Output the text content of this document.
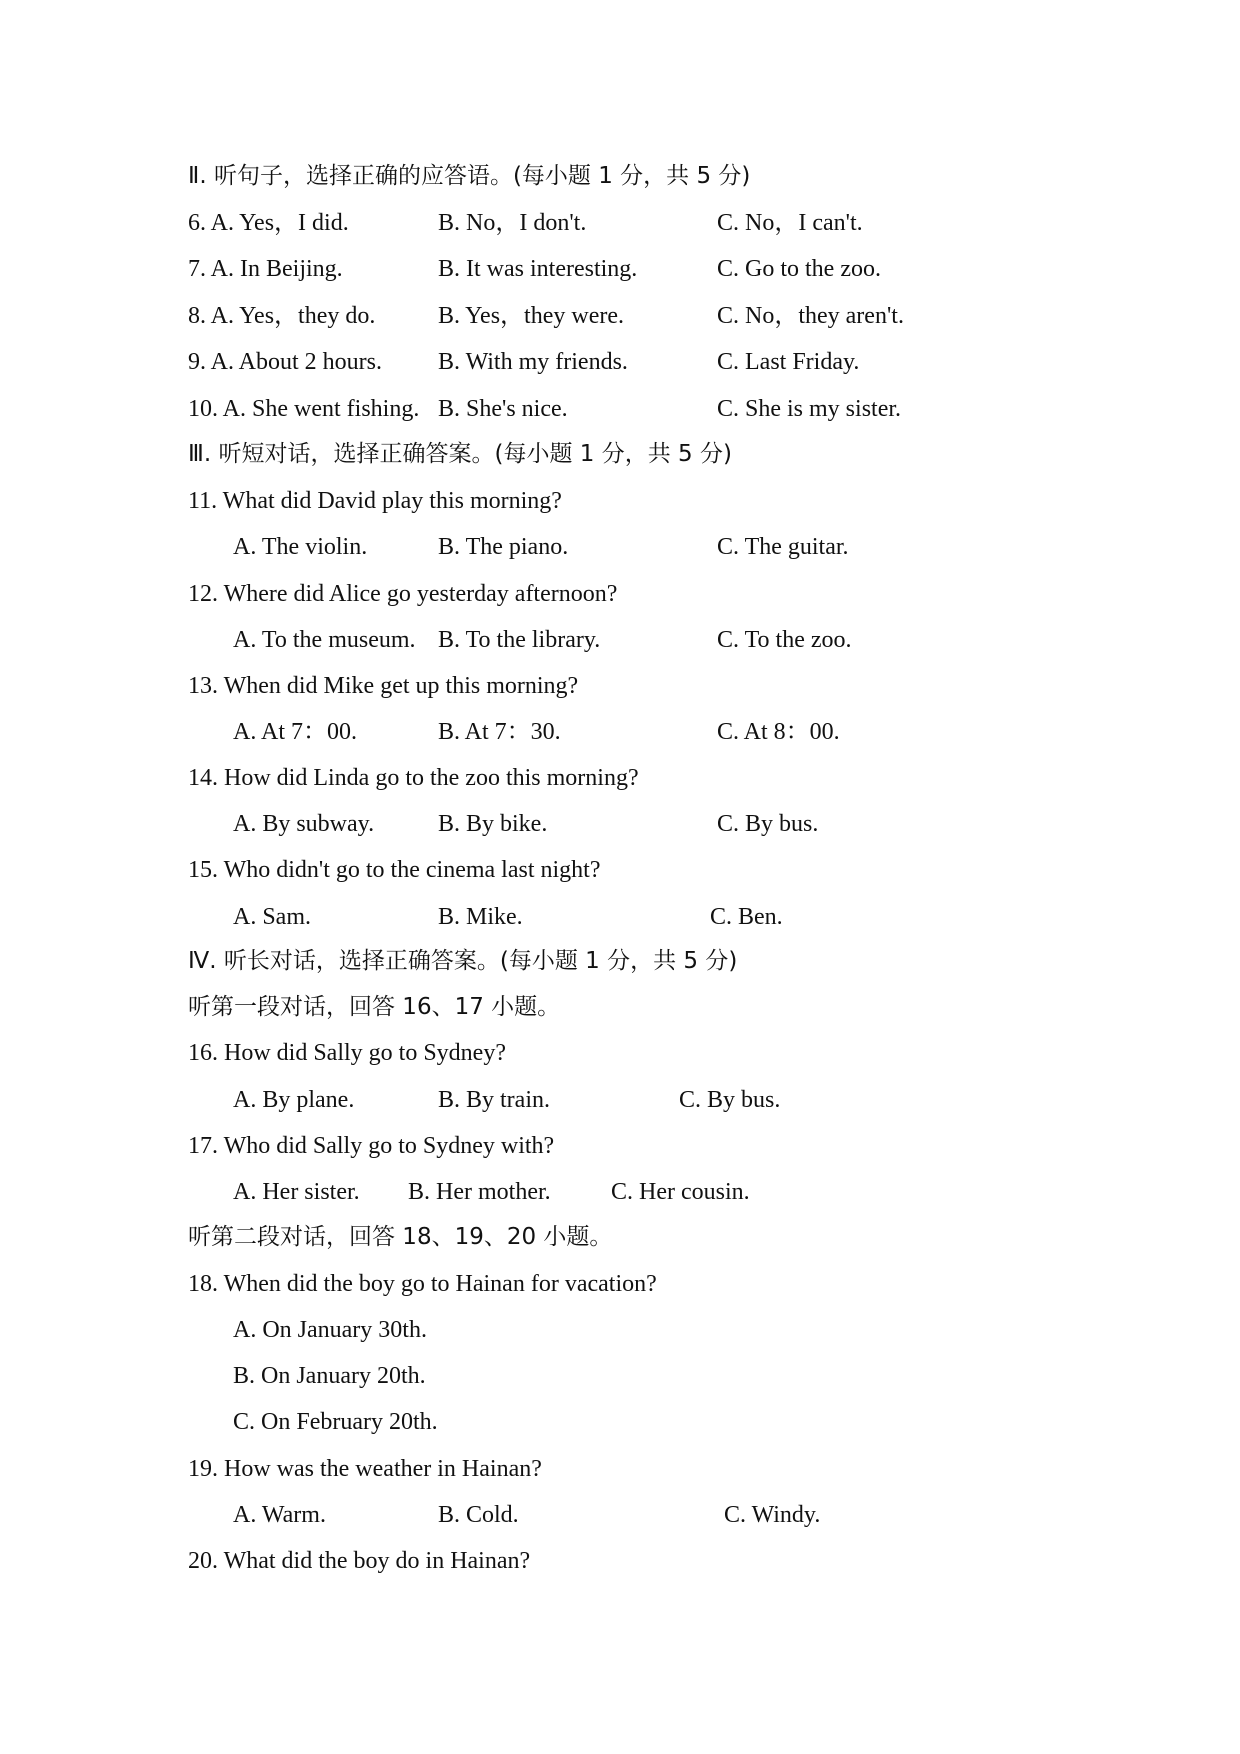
Ⅱ. 听句子，选择正确的应答语。(每小题 1 分，共 5 分)
6. A. Yes，I did.	B. No，I don't.	C. No，I can't.
7. A. In Beijing.	B. It was interesting.	C. Go to the zoo.
8. A. Yes，they do.	B. Yes，they were.	C. No，they aren't.
9. A. About 2 hours. B. With my friends.	C. Last Friday.
10. A. She went fishing. B. She's nice.	C. She is my sister.
Ⅲ. 听短对话，选择正确答案。(每小题 1 分，共 5 分)
11. What did David play this morning?
A. The violin.	B. The piano.	C. The guitar.
12. Where did Alice go yesterday afternoon?
A. To the museum. B. To the library.	C. To the zoo.
13. When did Mike get up this morning?
A. At 7：00.	B. At 7：30.	C. At 8：00.
14. How did Linda go to the zoo this morning?
A. By subway.	B. By bike.	C. By bus.
15. Who didn't go to the cinema last night?
A. Sam.	B. Mike.	C. Ben.
Ⅳ. 听长对话，选择正确答案。(每小题 1 分，共 5 分)
听第一段对话，回答 16、17 小题。
16. How did Sally go to Sydney?
A. By plane.	B. By train.	C. By bus.
17. Who did Sally go to Sydney with?
A. Her sister. B. Her mother.	C. Her cousin.
听第二段对话，回答 18、19、20 小题。
18. When did the boy go to Hainan for vacation?
A. On January 30th.
B. On January 20th.
C. On February 20th.
19. How was the weather in Hainan?
A. Warm.	B. Cold.	C. Windy.
20. What did the boy do in Hainan?
